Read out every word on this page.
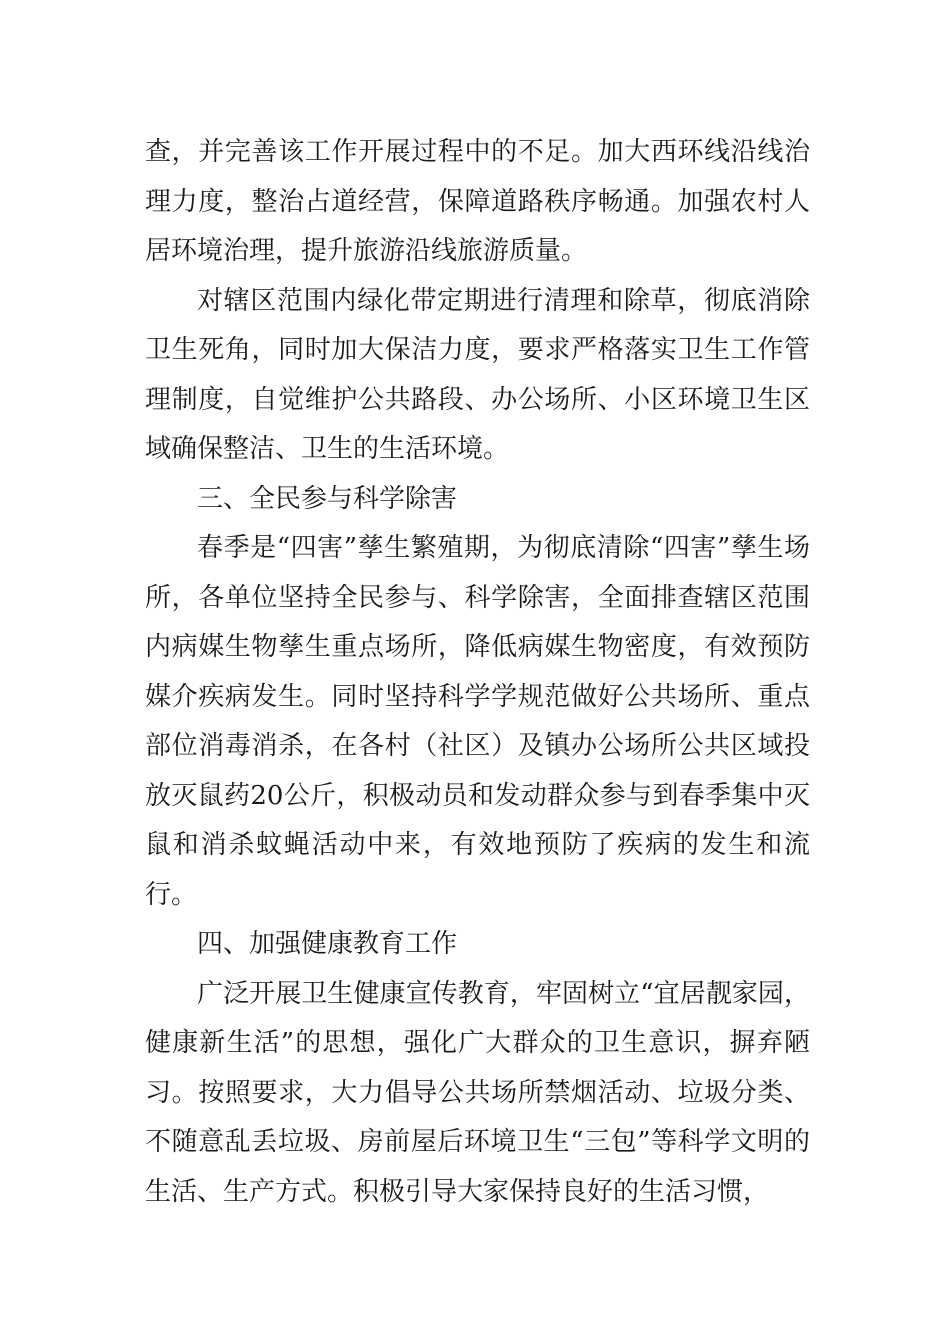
查，并完善该工作开展过程中的不足。加大西环线沿线治理力度，整治占道经营，保障道路秩序畅通。加强农村人居环境治理，提升旅游沿线旅游质量。

对辖区范围内绿化带定期进行清理和除草，彻底消除卫生死角，同时加大保洁力度，要求严格落实卫生工作管理制度，自觉维护公共路段、办公场所、小区环境卫生区域确保整洁、卫生的生活环境。

三、全民参与科学除害

春季是“四害”孳生繁殖期，为彻底清除“四害”孳生场所，各单位坚持全民参与、科学除害，全面排查辖区范围内病媒生物孳生重点场所，降低病媒生物密度，有效预防媒介疾病发生。同时坚持科学学规范做好公共场所、重点部位消毒消杀，在各村（社区）及镇办公场所公共区域投放灭鼠药20公斤，积极动员和发动群众参与到春季集中灭鼠和消杀蚊蝇活动中来，有效地预防了疾病的发生和流行。

四、加强健康教育工作

广泛开展卫生健康宣传教育，牢固树立“宜居靓家园，健康新生活”的思想，强化广大群众的卫生意识，摒弃陋习。按照要求，大力倡导公共场所禁烟活动、垃圾分类、不随意乱丢垃圾、房前屋后环境卫生“三包”等科学文明的生活、生产方式。积极引导大家保持良好的生活习惯，
